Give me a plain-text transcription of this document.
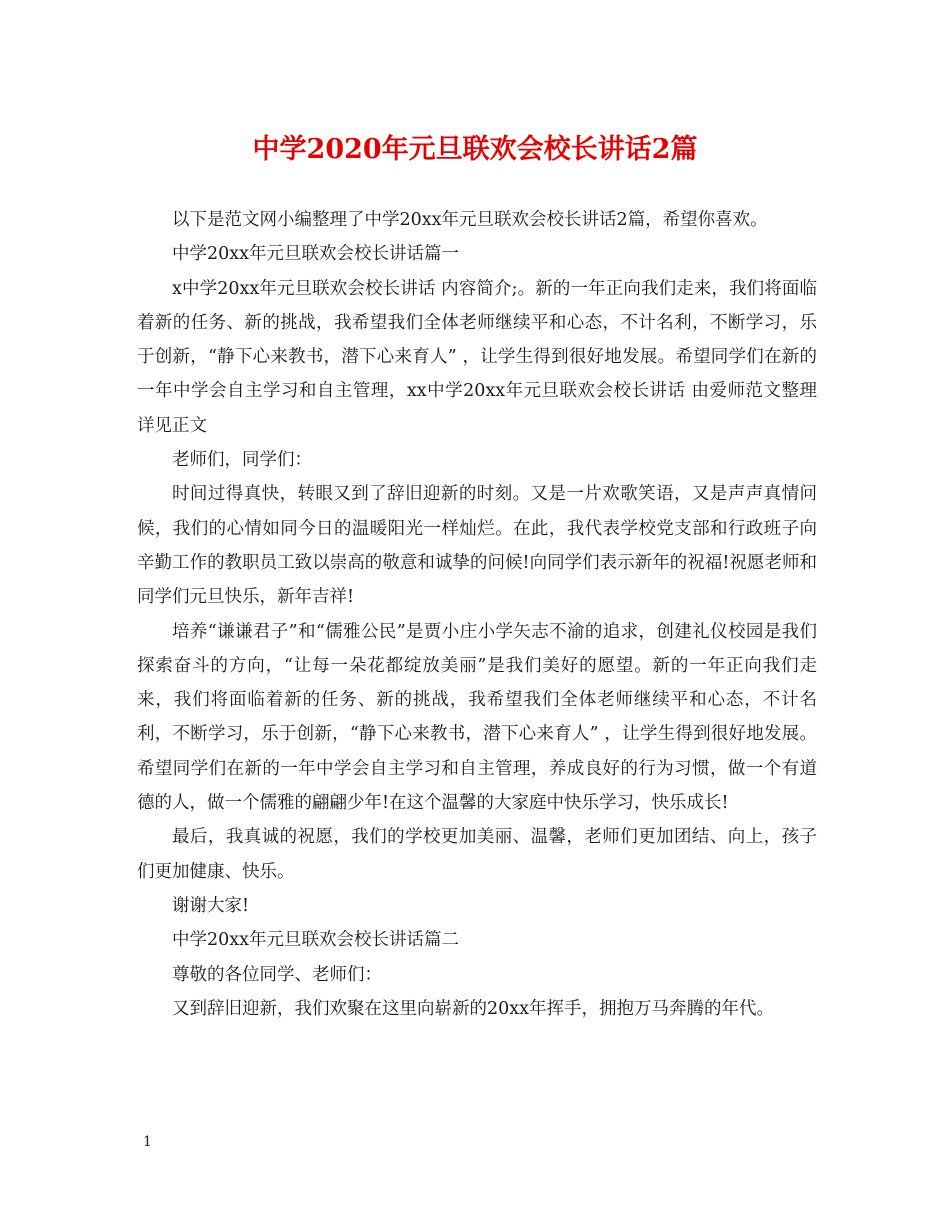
中学2020年元旦联欢会校长讲话2篇

以下是范文网小编整理了中学20xx年元旦联欢会校长讲话2篇，希望你喜欢。

中学20xx年元旦联欢会校长讲话篇一

x中学20xx年元旦联欢会校长讲话 内容简介;。新的一年正向我们走来，我们将面临着新的任务、新的挑战，我希望我们全体老师继续平和心态，不计名利，不断学习，乐于创新，“静下心来教书，潜下心来育人” ，让学生得到很好地发展。希望同学们在新的一年中学会自主学习和自主管理，xx中学20xx年元旦联欢会校长讲话 由爱师范文整理 详见正文

老师们，同学们：

时间过得真快，转眼又到了辞旧迎新的时刻。又是一片欢歌笑语，又是声声真情问候，我们的心情如同今日的温暖阳光一样灿烂。在此，我代表学校党支部和行政班子向辛勤工作的教职员工致以崇高的敬意和诚挚的问候!向同学们表示新年的祝福!祝愿老师和同学们元旦快乐，新年吉祥!

培养“谦谦君子”和“儒雅公民”是贾小庄小学矢志不渝的追求，创建礼仪校园是我们探索奋斗的方向，“让每一朵花都绽放美丽”是我们美好的愿望。新的一年正向我们走来，我们将面临着新的任务、新的挑战，我希望我们全体老师继续平和心态，不计名利，不断学习，乐于创新，“静下心来教书，潜下心来育人” ，让学生得到很好地发展。希望同学们在新的一年中学会自主学习和自主管理，养成良好的行为习惯，做一个有道德的人，做一个儒雅的翩翩少年!在这个温馨的大家庭中快乐学习，快乐成长!

最后，我真诚的祝愿，我们的学校更加美丽、温馨，老师们更加团结、向上，孩子们更加健康、快乐。

谢谢大家!

中学20xx年元旦联欢会校长讲话篇二

尊敬的各位同学、老师们：

又到辞旧迎新，我们欢聚在这里向崭新的20xx年挥手，拥抱万马奔腾的年代。

1
